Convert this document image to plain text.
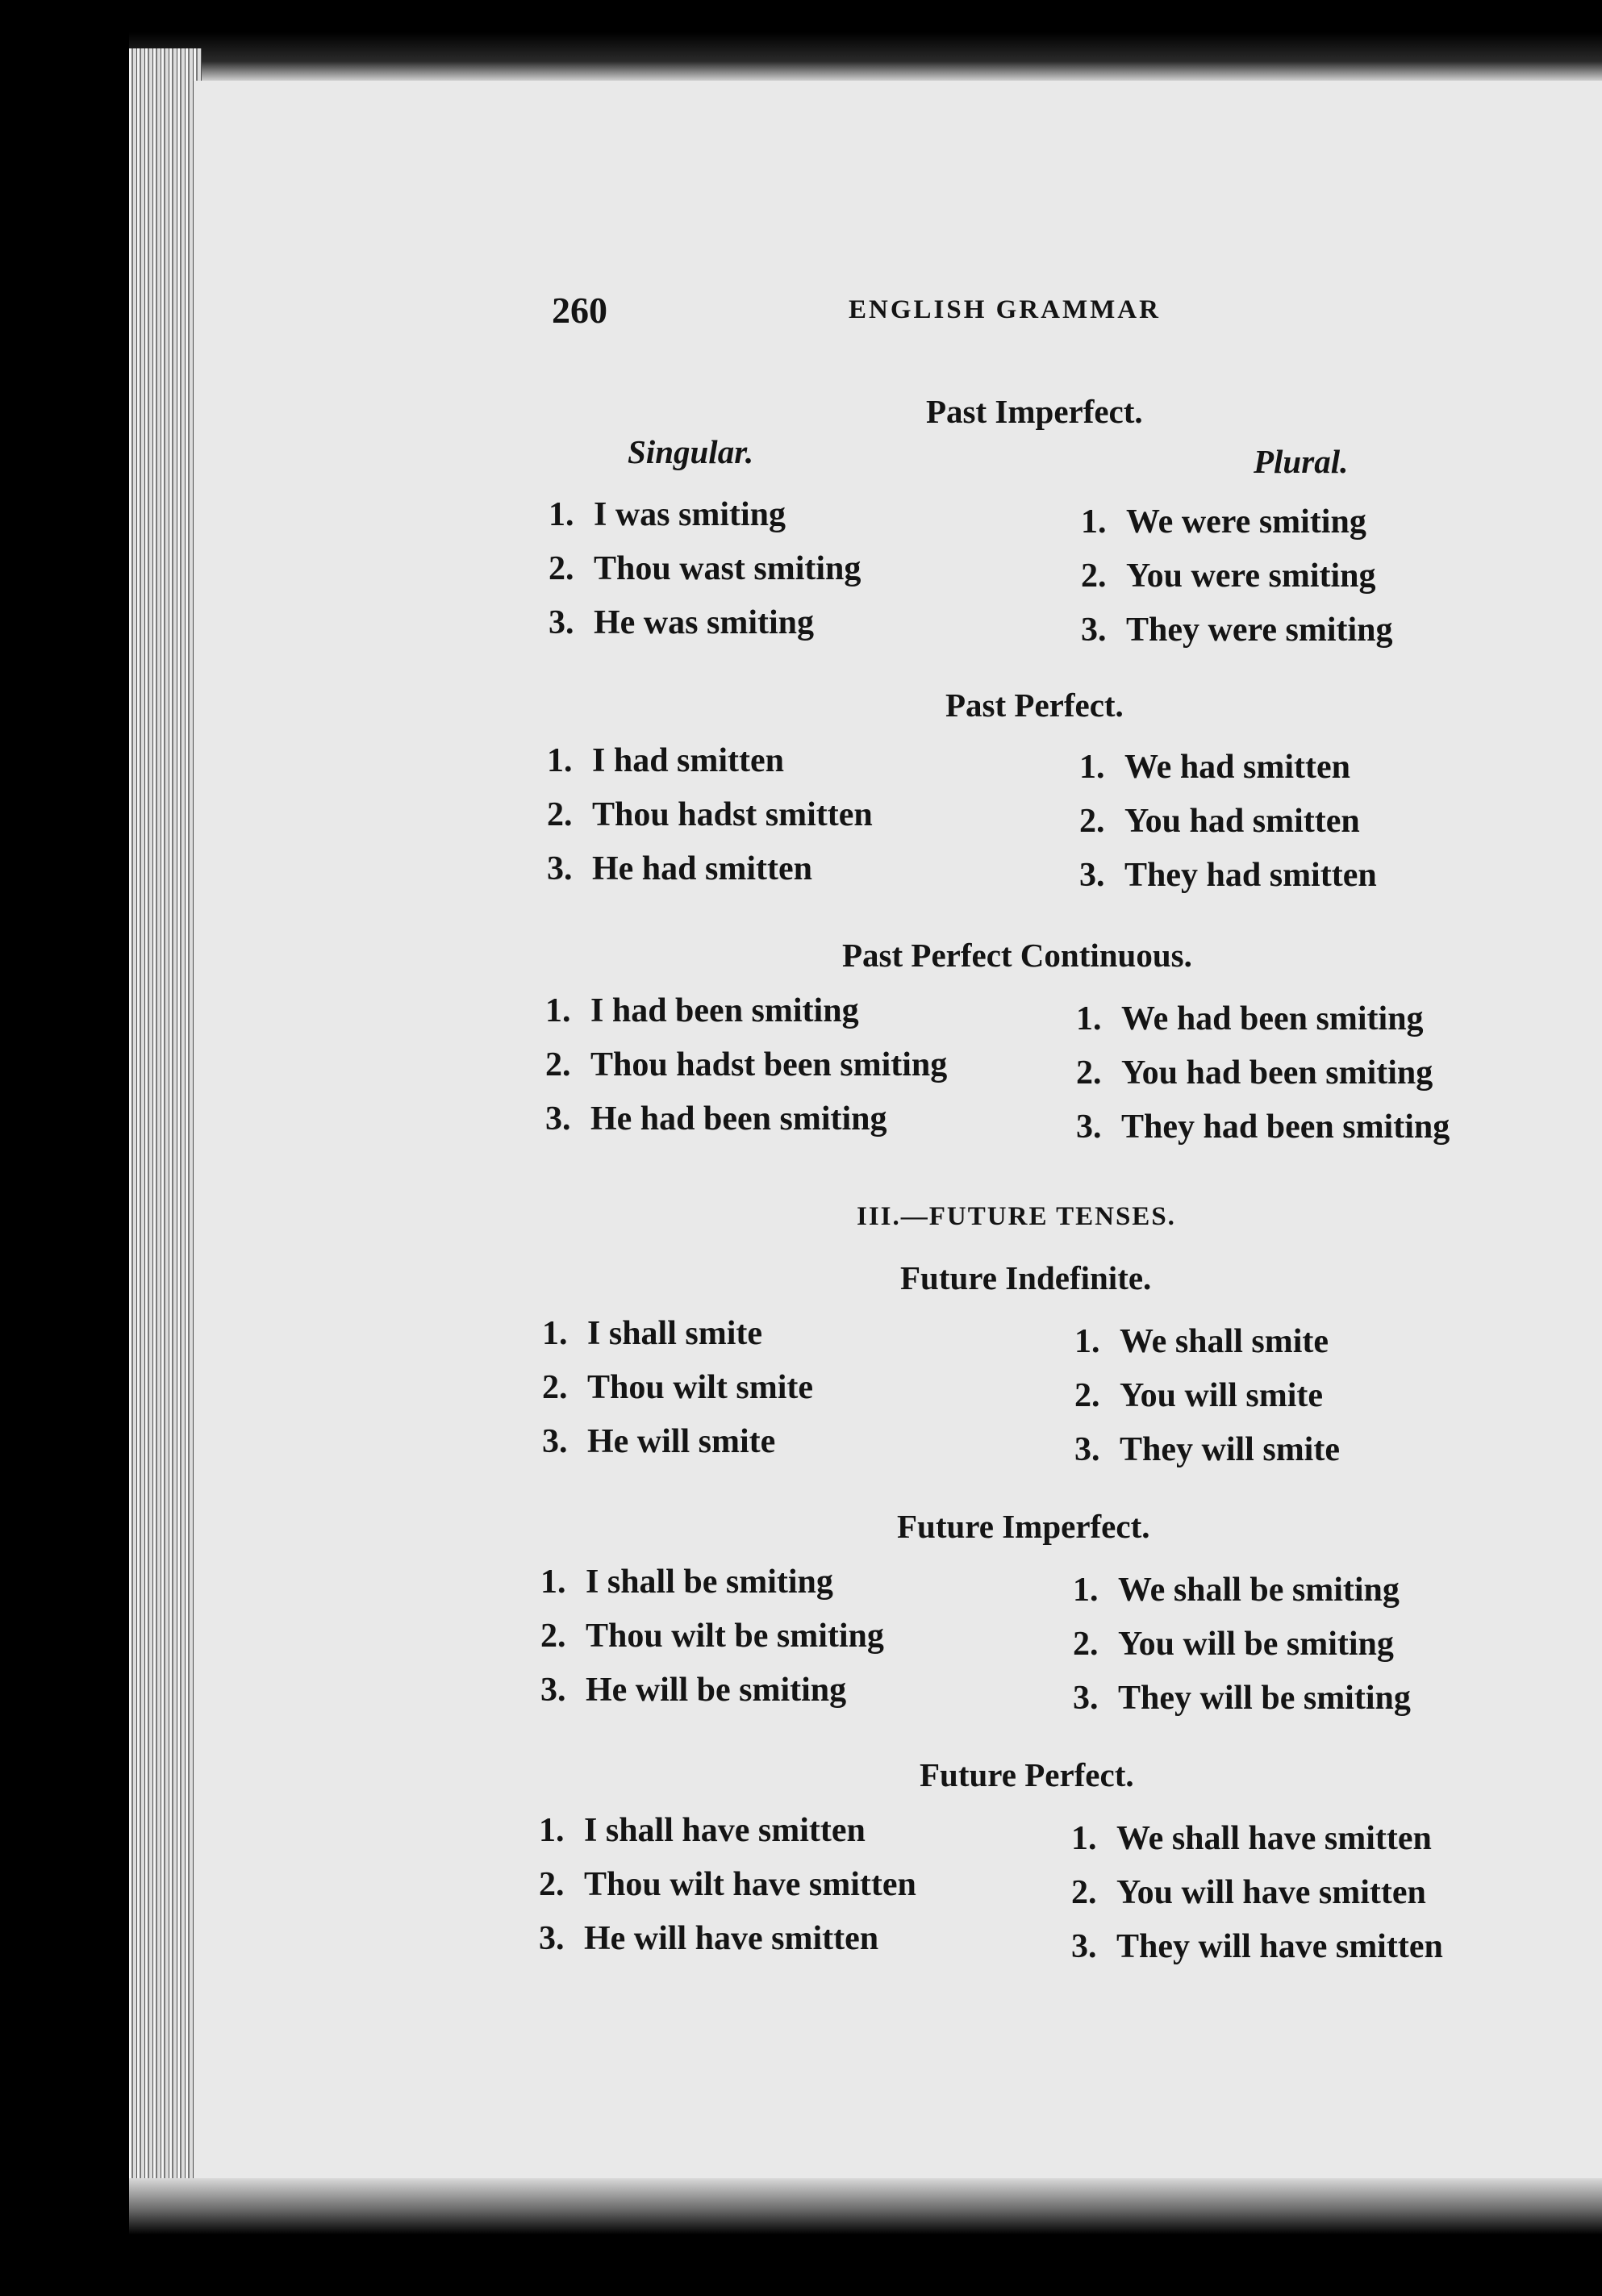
260	ENGLISH GRAMMAR
Past Imperfect.
Singular.	Plural.
1. I was smiting
2. Thou wast smiting
3. He was smiting
1. We were smiting
2. You were smiting
3. They were smiting
Past Perfect.
1. I had smitten
2. Thou hadst smitten
3. He had smitten
1. We had smitten
2. You had smitten
3. They had smitten
Past Perfect Continuous.
1. I had been smiting
2. Thou hadst been smiting
3. He had been smiting
1. We had been smiting
2. You had been smiting
3. They had been smiting
III.—FUTURE TENSES.
Future Indefinite.
1. I shall smite
2. Thou wilt smite
3. He will smite
1. We shall smite
2. You will smite
3. They will smite
Future Imperfect.
1. I shall be smiting
2. Thou wilt be smiting
3. He will be smiting
1. We shall be smiting
2. You will be smiting
3. They will be smiting
Future Perfect.
1. I shall have smitten
2. Thou wilt have smitten
3. He will have smitten
1. We shall have smitten
2. You will have smitten
3. They will have smitten
